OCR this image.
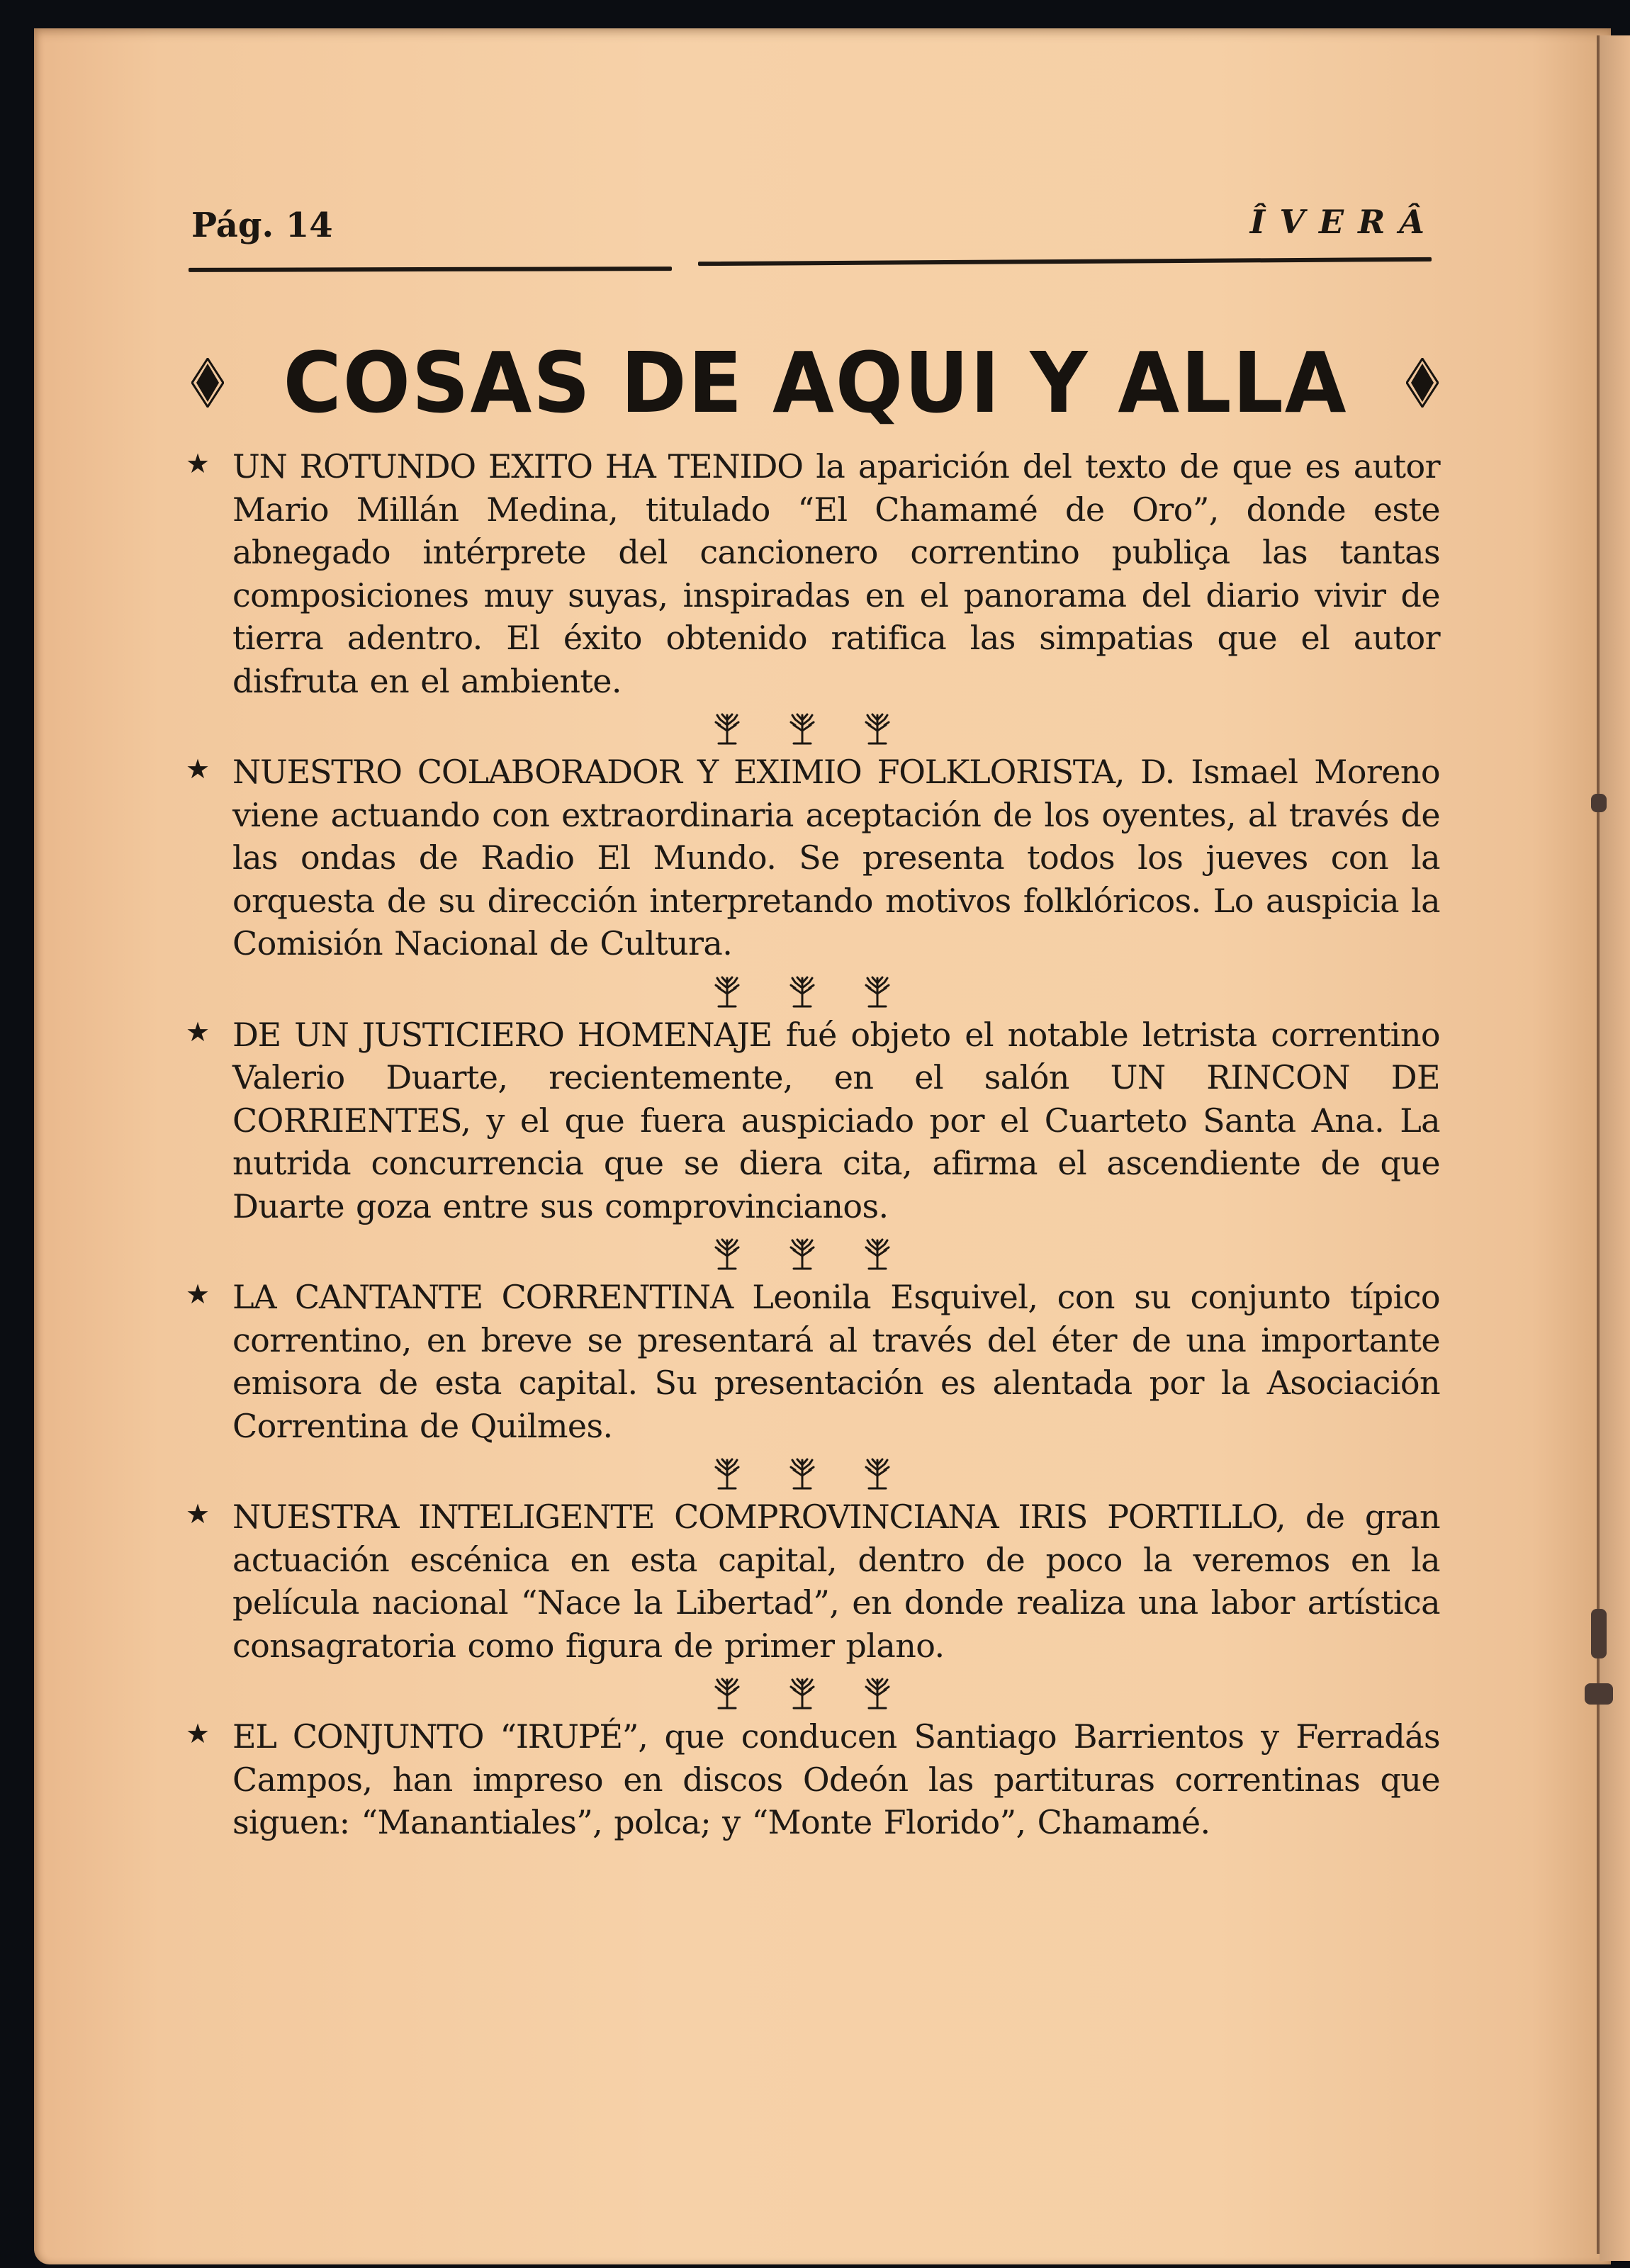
Pág. 14	ÎVERÂ
COSAS DE AQUI Y ALLA
★ UN ROTUNDO EXITO HA TENIDO la aparición del texto de que es autor Mario Millán Medina, titulado “El Chamamé de Oro”, donde este abnegado intérprete del cancionero correntino publiça las tantas composiciones muy suyas, inspiradas en el panorama del diario vivir de tierra adentro. El éxito obtenido ratifica las simpatias que el autor disfruta en el ambiente.
★ NUESTRO COLABORADOR Y EXIMIO FOLKLORISTA, D. Ismael Moreno viene actuando con extraordinaria aceptación de los oyentes, al través de las ondas de Radio El Mundo. Se presenta todos los jueves con la orquesta de su dirección interpretando motivos folklóricos. Lo auspicia la Comisión Nacional de Cultura.
★ DE UN JUSTICIERO HOMENAJE fué objeto el notable letrista correntino Valerio Duarte, recientemente, en el salón UN RINCON DE CORRIENTES, y el que fuera auspiciado por el Cuarteto Santa Ana. La nutrida concurrencia que se diera cita, afirma el ascendiente de que Duarte goza entre sus comprovincianos.
★ LA CANTANTE CORRENTINA Leonila Esquivel, con su conjunto típico correntino, en breve se presentará al través del éter de una importante emisora de esta capital. Su presentación es alentada por la Asociación Correntina de Quilmes.
★ NUESTRA INTELIGENTE COMPROVINCIANA IRIS PORTILLO, de gran actuación escénica en esta capital, dentro de poco la veremos en la película nacional “Nace la Libertad”, en donde realiza una labor artística consagratoria como figura de primer plano.
★ EL CONJUNTO “IRUPÉ”, que conducen Santiago Barrientos y Ferradás Campos, han impreso en discos Odeón las partituras correntinas que siguen: “Manantiales”, polca; y “Monte Florido”, Chamamé.
